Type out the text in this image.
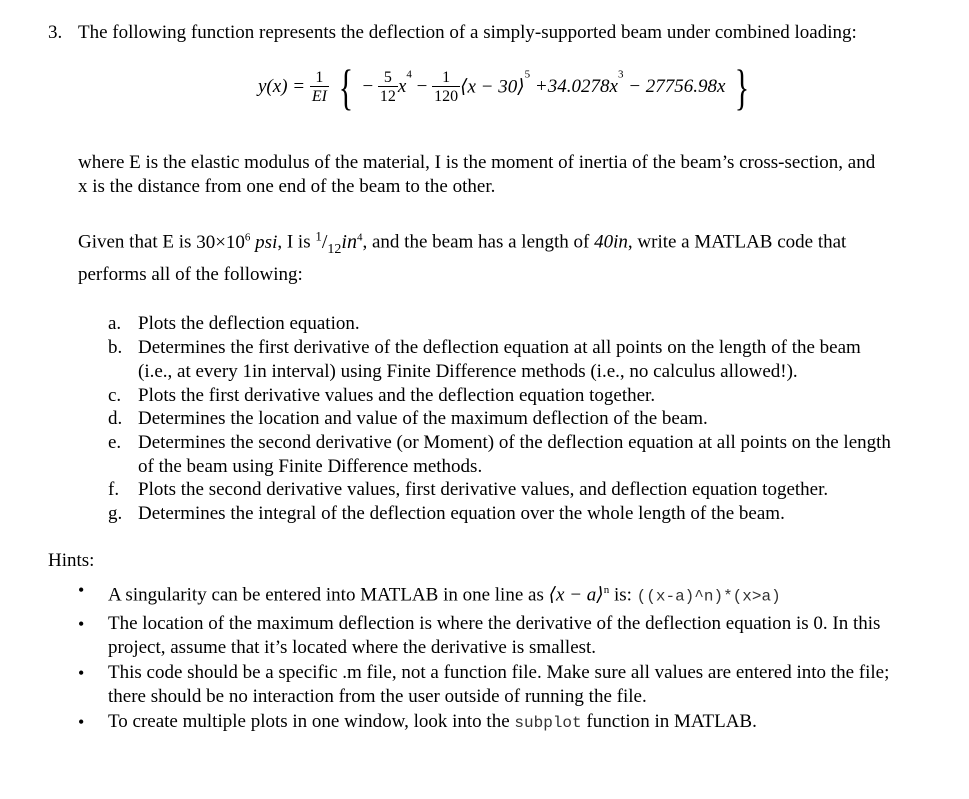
3. The following function represents the deflection of a simply-supported beam under combined loading:
$y(x) = \frac{1}{EI}$ { − $\frac{5}{12} x^4 - \frac{1}{120}$ ⟨x − 30⟩$^5$ $+34.0278x^3 - 27756.98x$ }
where E is the elastic modulus of the material, I is the moment of inertia of the beam’s cross-section, and
x is the distance from one end of the beam to the other.
Given that E is $30\times 10^6$ psi, I is $^1/_{12}in^4$, and the beam has a length of 40in, write a MATLAB code that
performs all of the following:
a. Plots the deflection equation.
b. Determines the first derivative of the deflection equation at all points on the length of the beam
(i.e., at every 1in interval) using Finite Difference methods (i.e., no calculus allowed!).
c. Plots the first derivative values and the deflection equation together.
d. Determines the location and value of the maximum deflection of the beam.
e. Determines the second derivative (or Moment) of the deflection equation at all points on the length
of the beam using Finite Difference methods.
f. Plots the second derivative values, first derivative values, and deflection equation together.
g. Determines the integral of the deflection equation over the whole length of the beam.
Hints:
• A singularity can be entered into MATLAB in one line as ⟨x − a⟩$^n$ is: ((x-a)^n)*(x>a)
• The location of the maximum deflection is where the derivative of the deflection equation is 0. In this
project, assume that it’s located where the derivative is smallest.
• This code should be a specific .m file, not a function file. Make sure all values are entered into the file;
there should be no interaction from the user outside of running the file.
• To create multiple plots in one window, look into the subplot function in MATLAB.
